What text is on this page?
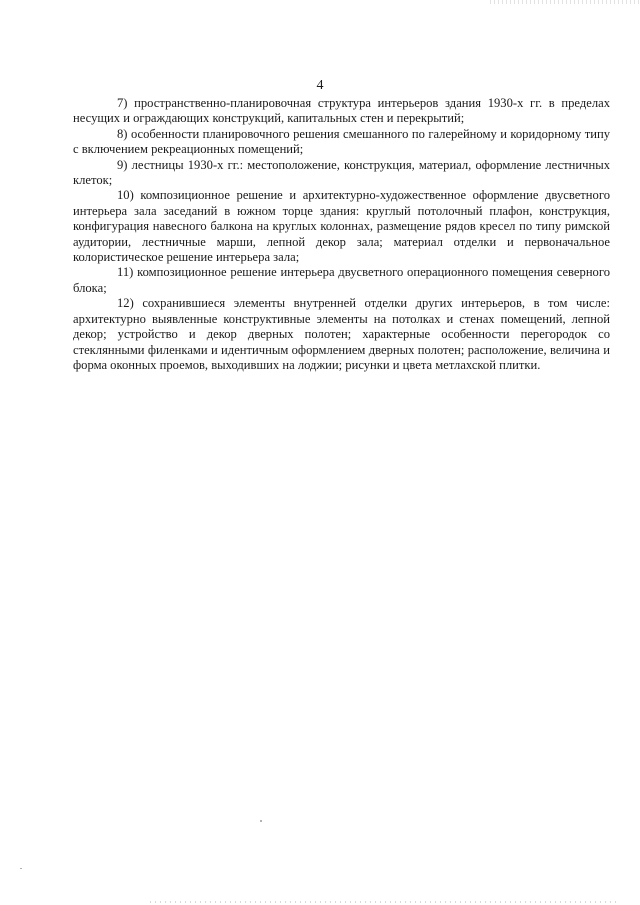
4

7) пространственно-планировочная структура интерьеров здания 1930-х гг. в пределах несущих и ограждающих конструкций, капитальных стен и перекрытий;

8) особенности планировочного решения смешанного по галерейному и коридорному типу с включением рекреационных помещений;

9) лестницы 1930-х гг.: местоположение, конструкция, материал, оформление лестничных клеток;

10) композиционное решение и архитектурно-художественное оформление двусветного интерьера зала заседаний в южном торце здания: круглый потолочный плафон, конструкция, конфигурация навесного балкона на круглых колоннах, размещение рядов кресел по типу римской аудитории, лестничные марши, лепной декор зала; материал отделки и первоначальное колористическое решение интерьера зала;

11) композиционное решение интерьера двусветного операционного помещения северного блока;

12) сохранившиеся элементы внутренней отделки других интерьеров, в том числе: архитектурно выявленные конструктивные элементы на потолках и стенах помещений, лепной декор; устройство и декор дверных полотен; характерные особенности перегородок со стеклянными филенками и идентичным оформлением дверных полотен; расположение, величина и форма оконных проемов, выходивших на лоджии; рисунки и цвета метлахской плитки.
